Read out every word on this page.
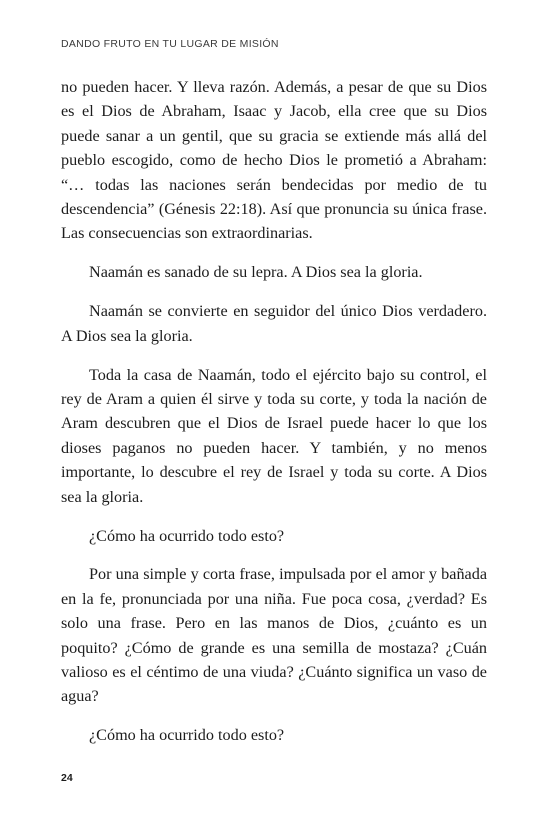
DANDO FRUTO EN TU LUGAR DE MISIÓN

no pueden hacer. Y lleva razón. Además, a pesar de que su Dios es el Dios de Abraham, Isaac y Jacob, ella cree que su Dios puede sanar a un gentil, que su gracia se extiende más allá del pueblo escogido, como de hecho Dios le prometió a Abraham: “… todas las naciones serán bendecidas por medio de tu descendencia” (Génesis 22:18). Así que pronuncia su única frase. Las consecuencias son extraordinarias.

Naamán es sanado de su lepra. A Dios sea la gloria.

Naamán se convierte en seguidor del único Dios verdadero. A Dios sea la gloria.

Toda la casa de Naamán, todo el ejército bajo su control, el rey de Aram a quien él sirve y toda su corte, y toda la nación de Aram descubren que el Dios de Israel puede hacer lo que los dioses paganos no pueden hacer. Y también, y no menos importante, lo descubre el rey de Israel y toda su corte. A Dios sea la gloria.

¿Cómo ha ocurrido todo esto?

Por una simple y corta frase, impulsada por el amor y bañada en la fe, pronunciada por una niña. Fue poca cosa, ¿verdad? Es solo una frase. Pero en las manos de Dios, ¿cuánto es un poquito? ¿Cómo de grande es una semilla de mostaza? ¿Cuán valioso es el céntimo de una viuda? ¿Cuánto significa un vaso de agua?

¿Cómo ha ocurrido todo esto?

24
